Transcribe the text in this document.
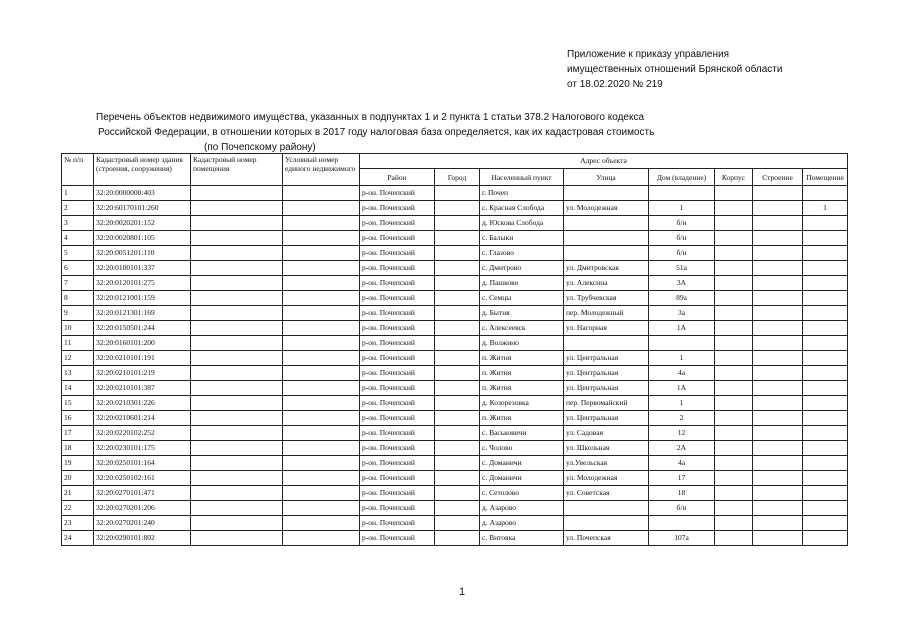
Приложение к приказу управления
имущественных отношений Брянской области
от 18.02.2020 № 219
Перечень объектов недвижимого имущества, указанных в подпунктах 1 и 2 пункта 1 статьи 378.2 Налогового кодекса
Российской Федерации, в отношении которых в 2017 году налоговая база определяется, как их кадастровая стоимость
(по Почепскому району)
№ п/п	Кадастровый номер здания (строения, сооружения)	Кадастровый номер помещения	Условный номер единого недвижимого	Адрес объекта							
				Район	Город	Населенный пункт	Улица	Дом (владение)	Корпус	Строение	Помещение
1	32:20:0000000:403			р-он. Почепский		г. Почеп					
2	32:20:60170101:260			р-он. Почепский		с. Красная Слобода	ул. Молодежная	1			1
3	32:20:0020201:152			р-он. Почепский		д. Юскова Слобода		б/н			
4	32:20:0020801:105			р-он. Почепский		с. Балыки		б/н			
5	32:20:0051201:110			р-он. Почепский		с. Глазово		б/н			
6	32:20:0100101:337			р-он. Почепский		с. Дмитрово	ул. Дмитровская	51а			
7	32:20:0120101:275			р-он. Почепский		д. Пашково	ул. Алексина	3А			
8	32:20:0121001:159			р-он. Почепский		с. Семцы	ул. Трубчевская	89а			
9	32:20:0121301:169			р-он. Почепский		д. Бытня	пер. Молодежный	3а			
10	32:20:0150501:244			р-он. Почепский		с. Алексеевск	ул. Нагорная	1А			
11	32:20:0160101:200			р-он. Почепский		д. Волжино					
12	32:20:0210101:191			р-он. Почепский		п. Житня	ул. Центральная	1			
13	32:20:0210101:219			р-он. Почепский		п. Житня	ул. Центральная	4а			
14	32:20:0210101:387			р-он. Почепский		п. Житня	ул. Центральная	1А			
15	32:20:0210301:226			р-он. Почепский		д. Козорезовка	пер. Первомайский	1			
16	32:20:0210601:214			р-он. Почепский		п. Житня	ул. Центральная	2			
17	32:20:0220102:252			р-он. Почепский		с. Васьковичи	ул. Садовая	12			
18	32:20:0230101:175			р-он. Почепский		с. Чолово	ул. Школьная	2А			
19	32:20:0250101:164			р-он. Почепский		с. Доманичи	ул.Увельская	4а			
20	32:20:0250102:161			р-он. Почепский		с. Доманичи	ул. Молодежная	17			
21	32:20:0270101:471			р-он. Почепский		с. Сетолово	ул. Советская	18			
22	32:20:0270201:206			р-он. Почепский		д. Азарово		б/н			
23	32:20:0270201:240			р-он. Почепский		д. Азарово					
24	32:20:0290101:802			р-он. Почепский		с. Витовка	ул. Почепская	107а			
1
